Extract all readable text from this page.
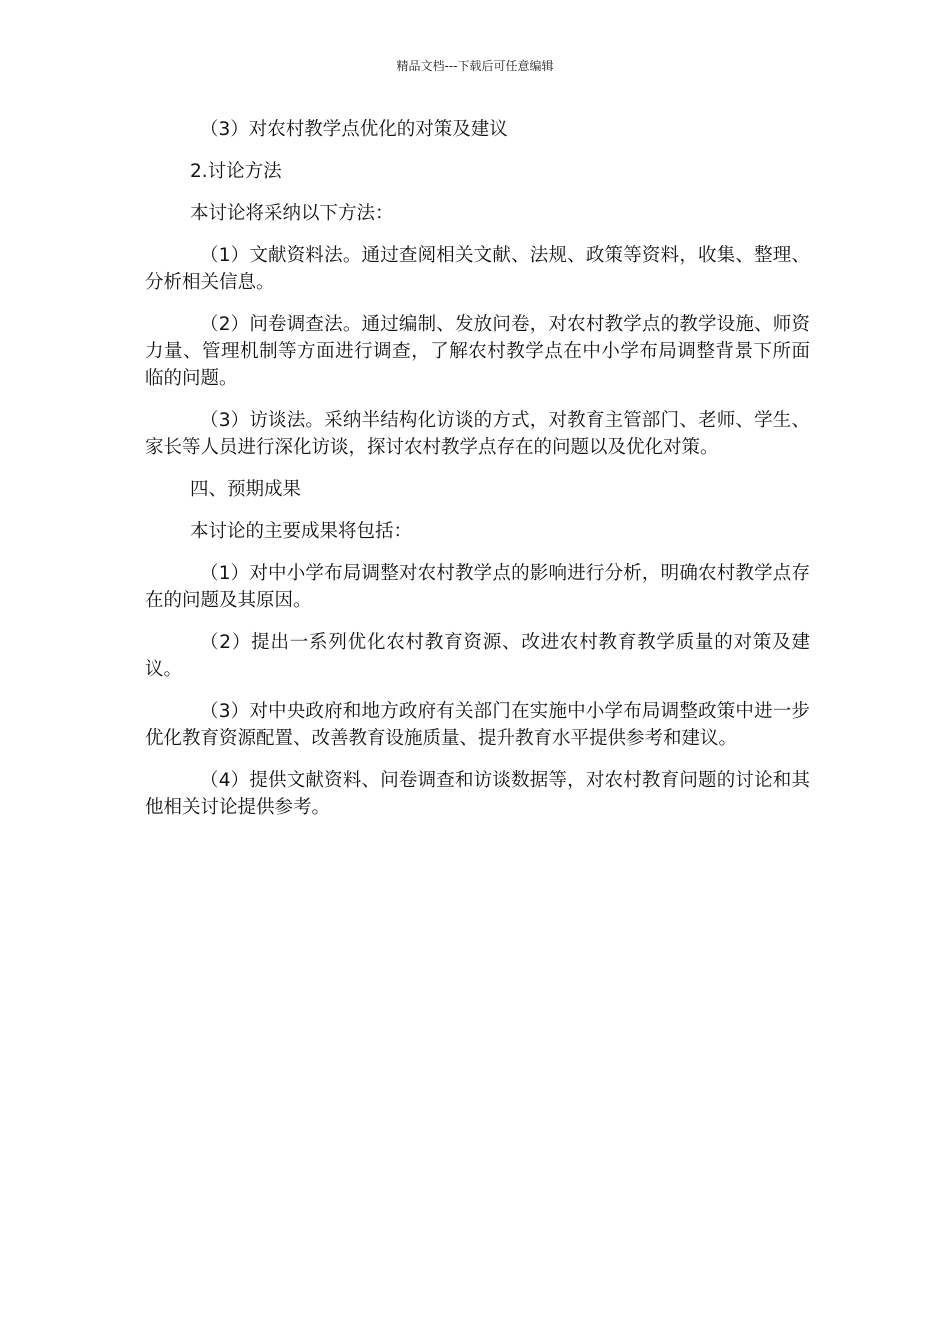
精品文档---下载后可任意编辑

（3）对农村教学点优化的对策及建议

2.讨论方法

本讨论将采纳以下方法：

（1）文献资料法。通过查阅相关文献、法规、政策等资料，收集、整理、分析相关信息。

（2）问卷调查法。通过编制、发放问卷，对农村教学点的教学设施、师资力量、管理机制等方面进行调查，了解农村教学点在中小学布局调整背景下所面临的问题。

（3）访谈法。采纳半结构化访谈的方式，对教育主管部门、老师、学生、家长等人员进行深化访谈，探讨农村教学点存在的问题以及优化对策。

四、预期成果

本讨论的主要成果将包括：

（1）对中小学布局调整对农村教学点的影响进行分析，明确农村教学点存在的问题及其原因。

（2）提出一系列优化农村教育资源、改进农村教育教学质量的对策及建议。

（3）对中央政府和地方政府有关部门在实施中小学布局调整政策中进一步优化教育资源配置、改善教育设施质量、提升教育水平提供参考和建议。

（4）提供文献资料、问卷调查和访谈数据等，对农村教育问题的讨论和其他相关讨论提供参考。
